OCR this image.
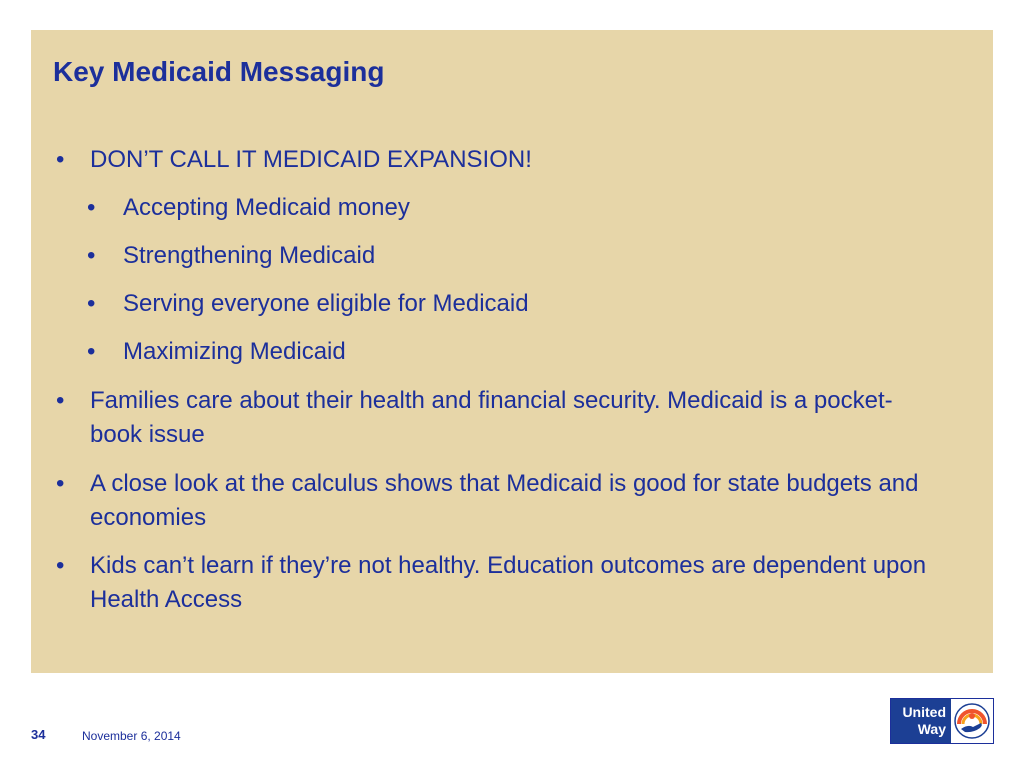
Key Medicaid Messaging
• DON’T CALL IT MEDICAID EXPANSION!
• Accepting Medicaid money
• Strengthening Medicaid
• Serving everyone eligible for Medicaid
• Maximizing Medicaid
• Families care about their health and financial security. Medicaid is a pocket-book issue
• A close look at the calculus shows that Medicaid is good for state budgets and economies
• Kids can’t learn if they’re not healthy. Education outcomes are dependent upon Health Access
34	November 6, 2014
United
Way
